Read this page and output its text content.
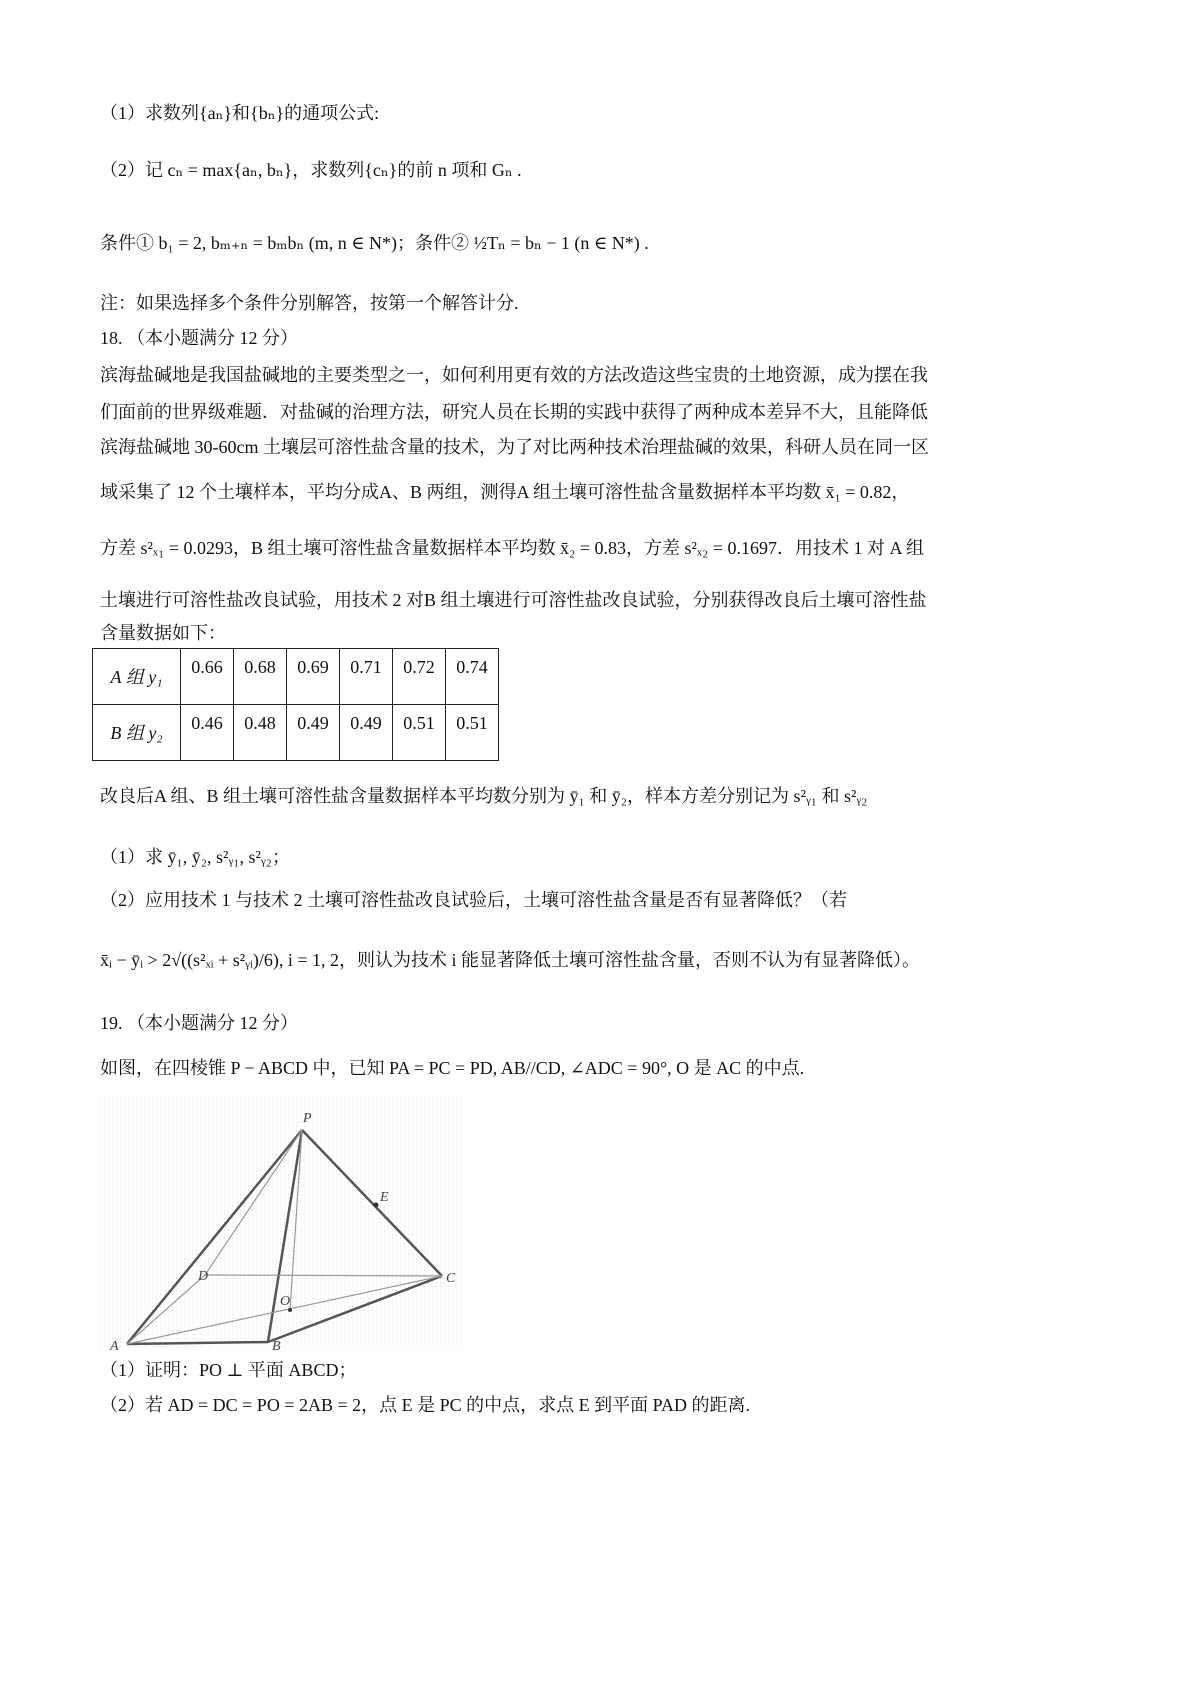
（1）求数列{aₙ}和{bₙ}的通项公式:
（2）记 cₙ = max{aₙ, bₙ}，求数列{cₙ}的前 n 项和 Gₙ .
条件① b₁ = 2, bₘ₊ₙ = bₘbₙ (m, n ∈ N*)；条件② ½Tₙ = bₙ − 1 (n ∈ N*) .
注：如果选择多个条件分别解答，按第一个解答计分.
18. （本小题满分 12 分）
滨海盐碱地是我国盐碱地的主要类型之一，如何利用更有效的方法改造这些宝贵的土地资源，成为摆在我
们面前的世界级难题．对盐碱的治理方法，研究人员在长期的实践中获得了两种成本差异不大，且能降低
滨海盐碱地 30-60cm 土壤层可溶性盐含量的技术，为了对比两种技术治理盐碱的效果，科研人员在同一区
域采集了 12 个土壤样本，平均分成A、B 两组，测得A 组土壤可溶性盐含量数据样本平均数 x̄₁ = 0.82，
方差 s²ₓ₁ = 0.0293，B 组土壤可溶性盐含量数据样本平均数 x̄₂ = 0.83，方差 s²ₓ₂ = 0.1697．用技术 1 对 A 组
土壤进行可溶性盐改良试验，用技术 2 对B 组土壤进行可溶性盐改良试验，分别获得改良后土壤可溶性盐
含量数据如下：
A 组 y₁	0.66	0.68	0.69	0.71	0.72	0.74
B 组 y₂	0.46	0.48	0.49	0.49	0.51	0.51
改良后A 组、B 组土壤可溶性盐含量数据样本平均数分别为 ȳ₁ 和 ȳ₂，样本方差分别记为 s²ᵧ₁ 和 s²ᵧ₂
（1）求 ȳ₁, ȳ₂, s²ᵧ₁, s²ᵧ₂；
（2）应用技术 1 与技术 2 土壤可溶性盐改良试验后，土壤可溶性盐含量是否有显著降低？（若
x̄ᵢ − ȳᵢ > 2√((s²ₓᵢ + s²ᵧᵢ)/6), i = 1, 2，则认为技术 i 能显著降低土壤可溶性盐含量，否则不认为有显著降低）。
19. （本小题满分 12 分）
如图，在四棱锥 P − ABCD 中，已知 PA = PC = PD, AB//CD, ∠ADC = 90°, O 是 AC 的中点.
P
E
D	C
O
A	B
（1）证明：PO ⊥ 平面 ABCD；
（2）若 AD = DC = PO = 2AB = 2，点 E 是 PC 的中点，求点 E 到平面 PAD 的距离.
